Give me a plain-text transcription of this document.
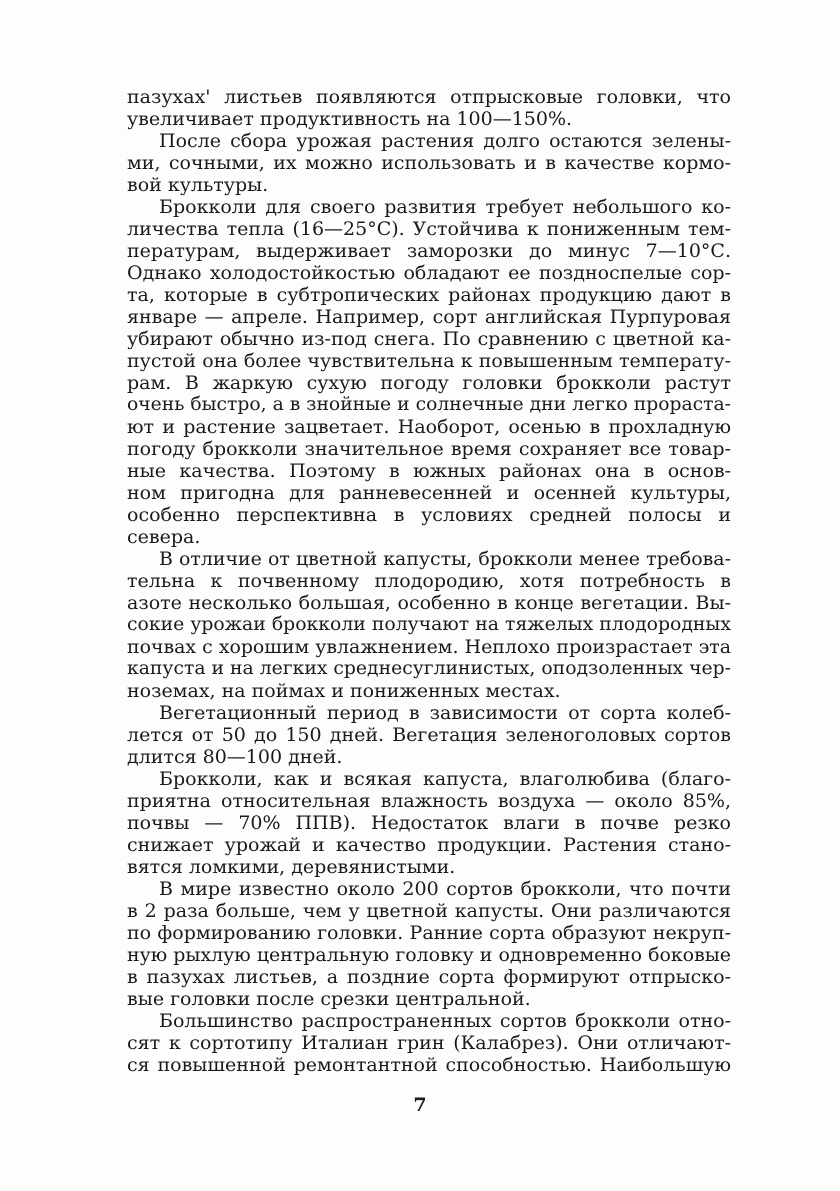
пазухах' листьев появляются отпрысковые головки, что
увеличивает продуктивность на 100—150%.
После сбора урожая растения долго остаются зелены-
ми, сочными, их можно использовать и в качестве кормо-
вой культуры.
Брокколи для своего развития требует небольшого ко-
личества тепла (16—25°С). Устойчива к пониженным тем-
пературам, выдерживает заморозки до минус 7—10°С.
Однако холодостойкостью обладают ее поздноспелые сор-
та, которые в субтропических районах продукцию дают в
январе — апреле. Например, сорт английская Пурпуровая
убирают обычно из-под снега. По сравнению с цветной ка-
пустой она более чувствительна к повышенным температу-
рам. В жаркую сухую погоду головки брокколи растут
очень быстро, а в знойные и солнечные дни легко прораста-
ют и растение зацветает. Наоборот, осенью в прохладную
погоду брокколи значительное время сохраняет все товар-
ные качества. Поэтому в южных районах она в основ-
ном пригодна для ранневесенней и осенней культуры,
особенно перспективна в условиях средней полосы и
севера.
В отличие от цветной капусты, брокколи менее требова-
тельна к почвенному плодородию, хотя потребность в
азоте несколько большая, особенно в конце вегетации. Вы-
сокие урожаи брокколи получают на тяжелых плодородных
почвах с хорошим увлажнением. Неплохо произрастает эта
капуста и на легких среднесуглинистых, оподзоленных чер-
ноземах, на поймах и пониженных местах.
Вегетационный период в зависимости от сорта колеб-
лется от 50 до 150 дней. Вегетация зеленоголовых сортов
длится 80—100 дней.
Брокколи, как и всякая капуста, влаголюбива (благо-
приятна относительная влажность воздуха — около 85%,
почвы — 70% ППВ). Недостаток влаги в почве резко
снижает урожай и качество продукции. Растения стано-
вятся ломкими, деревянистыми.
В мире известно около 200 сортов брокколи, что почти
в 2 раза больше, чем у цветной капусты. Они различаются
по формированию головки. Ранние сорта образуют некруп-
ную рыхлую центральную головку и одновременно боковые
в пазухах листьев, а поздние сорта формируют отпрыско-
вые головки после срезки центральной.
Большинство распространенных сортов брокколи отно-
сят к сортотипу Италиан грин (Калабрез). Они отличают-
ся повышенной ремонтантной способностью. Наибольшую
7
